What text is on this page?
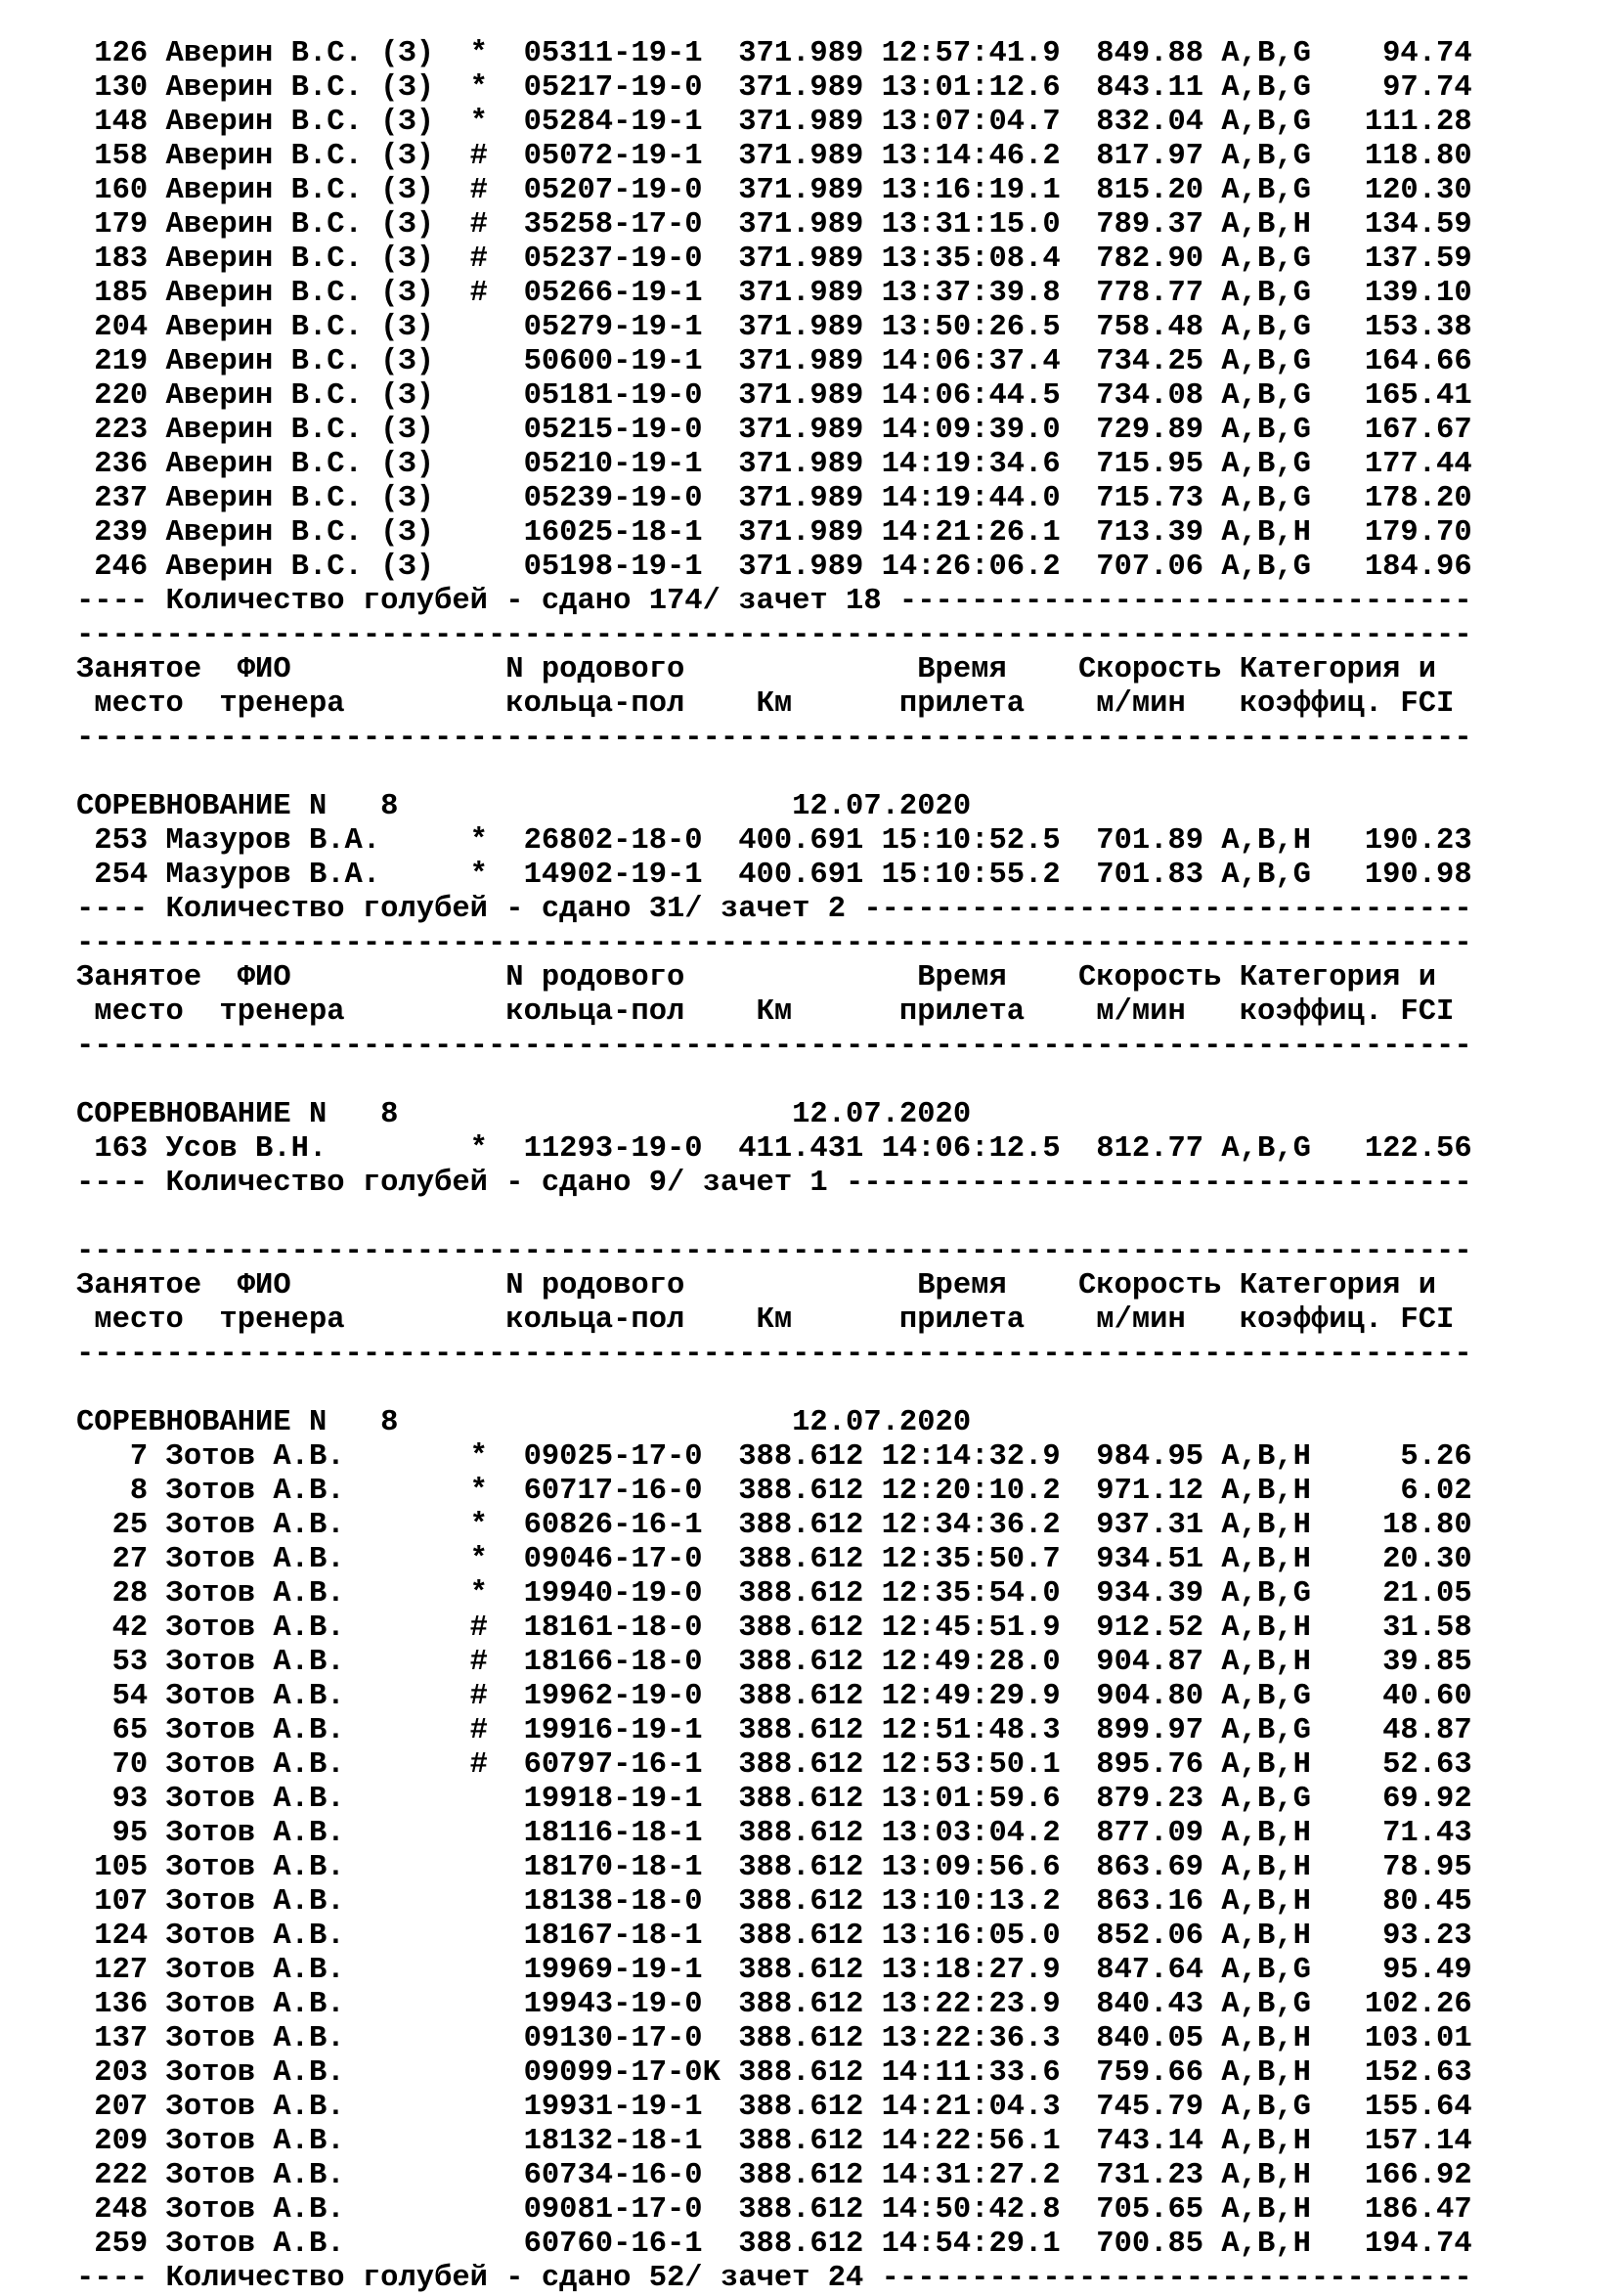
126 Аверин В.С. (З)  *  05311-19-1  371.989 12:57:41.9  849.88 A,B,G    94.74
130 Аверин В.С. (З)  *  05217-19-0  371.989 13:01:12.6  843.11 A,B,G    97.74
148 Аверин В.С. (З)  *  05284-19-1  371.989 13:07:04.7  832.04 A,B,G   111.28
158 Аверин В.С. (З)  #  05072-19-1  371.989 13:14:46.2  817.97 A,B,G   118.80
160 Аверин В.С. (З)  #  05207-19-0  371.989 13:16:19.1  815.20 A,B,G   120.30
179 Аверин В.С. (З)  #  35258-17-0  371.989 13:31:15.0  789.37 A,B,H   134.59
183 Аверин В.С. (З)  #  05237-19-0  371.989 13:35:08.4  782.90 A,B,G   137.59
185 Аверин В.С. (З)  #  05266-19-1  371.989 13:37:39.8  778.77 A,B,G   139.10
204 Аверин В.С. (З)     05279-19-1  371.989 13:50:26.5  758.48 A,B,G   153.38
219 Аверин В.С. (З)     50600-19-1  371.989 14:06:37.4  734.25 A,B,G   164.66
220 Аверин В.С. (З)     05181-19-0  371.989 14:06:44.5  734.08 A,B,G   165.41
223 Аверин В.С. (З)     05215-19-0  371.989 14:09:39.0  729.89 A,B,G   167.67
236 Аверин В.С. (З)     05210-19-1  371.989 14:19:34.6  715.95 A,B,G   177.44
237 Аверин В.С. (З)     05239-19-0  371.989 14:19:44.0  715.73 A,B,G   178.20
239 Аверин В.С. (З)     16025-18-1  371.989 14:21:26.1  713.39 A,B,H   179.70
246 Аверин В.С. (З)     05198-19-1  371.989 14:26:06.2  707.06 A,B,G   184.96
---- Количество голубей - сдано 174/ зачет 18 --------------------------------
------------------------------------------------------------------------------
Занятое  ФИО            N родового             Время    Скорость Категория и
место  тренера         кольца-пол    Км      прилета    м/мин   коэффиц. FCI
------------------------------------------------------------------------------
СОРЕВНОВАНИЕ N   8                      12.07.2020
253 Мазуров В.А.     *  26802-18-0  400.691 15:10:52.5  701.89 A,B,H   190.23
254 Мазуров В.А.     *  14902-19-1  400.691 15:10:55.2  701.83 A,B,G   190.98
---- Количество голубей - сдано 31/ зачет 2 ----------------------------------
------------------------------------------------------------------------------
Занятое  ФИО            N родового             Время    Скорость Категория и
место  тренера         кольца-пол    Км      прилета    м/мин   коэффиц. FCI
------------------------------------------------------------------------------
СОРЕВНОВАНИЕ N   8                      12.07.2020
163 Усов В.Н.        *  11293-19-0  411.431 14:06:12.5  812.77 A,B,G   122.56
---- Количество голубей - сдано 9/ зачет 1 -----------------------------------
------------------------------------------------------------------------------
Занятое  ФИО            N родового             Время    Скорость Категория и
место  тренера         кольца-пол    Км      прилета    м/мин   коэффиц. FCI
------------------------------------------------------------------------------
СОРЕВНОВАНИЕ N   8                      12.07.2020
7 Зотов А.В.       *  09025-17-0  388.612 12:14:32.9  984.95 A,B,H     5.26
8 Зотов А.В.       *  60717-16-0  388.612 12:20:10.2  971.12 A,B,H     6.02
25 Зотов А.В.       *  60826-16-1  388.612 12:34:36.2  937.31 A,B,H    18.80
27 Зотов А.В.       *  09046-17-0  388.612 12:35:50.7  934.51 A,B,H    20.30
28 Зотов А.В.       *  19940-19-0  388.612 12:35:54.0  934.39 A,B,G    21.05
42 Зотов А.В.       #  18161-18-0  388.612 12:45:51.9  912.52 A,B,H    31.58
53 Зотов А.В.       #  18166-18-0  388.612 12:49:28.0  904.87 A,B,H    39.85
54 Зотов А.В.       #  19962-19-0  388.612 12:49:29.9  904.80 A,B,G    40.60
65 Зотов А.В.       #  19916-19-1  388.612 12:51:48.3  899.97 A,B,G    48.87
70 Зотов А.В.       #  60797-16-1  388.612 12:53:50.1  895.76 A,B,H    52.63
93 Зотов А.В.          19918-19-1  388.612 13:01:59.6  879.23 A,B,G    69.92
95 Зотов А.В.          18116-18-1  388.612 13:03:04.2  877.09 A,B,H    71.43
105 Зотов А.В.          18170-18-1  388.612 13:09:56.6  863.69 A,B,H    78.95
107 Зотов А.В.          18138-18-0  388.612 13:10:13.2  863.16 A,B,H    80.45
124 Зотов А.В.          18167-18-1  388.612 13:16:05.0  852.06 A,B,H    93.23
127 Зотов А.В.          19969-19-1  388.612 13:18:27.9  847.64 A,B,G    95.49
136 Зотов А.В.          19943-19-0  388.612 13:22:23.9  840.43 A,B,G   102.26
137 Зотов А.В.          09130-17-0  388.612 13:22:36.3  840.05 A,B,H   103.01
203 Зотов А.В.          09099-17-0K 388.612 14:11:33.6  759.66 A,B,H   152.63
207 Зотов А.В.          19931-19-1  388.612 14:21:04.3  745.79 A,B,G   155.64
209 Зотов А.В.          18132-18-1  388.612 14:22:56.1  743.14 A,B,H   157.14
222 Зотов А.В.          60734-16-0  388.612 14:31:27.2  731.23 A,B,H   166.92
248 Зотов А.В.          09081-17-0  388.612 14:50:42.8  705.65 A,B,H   186.47
259 Зотов А.В.          60760-16-1  388.612 14:54:29.1  700.85 A,B,H   194.74
---- Количество голубей - сдано 52/ зачет 24 ---------------------------------
